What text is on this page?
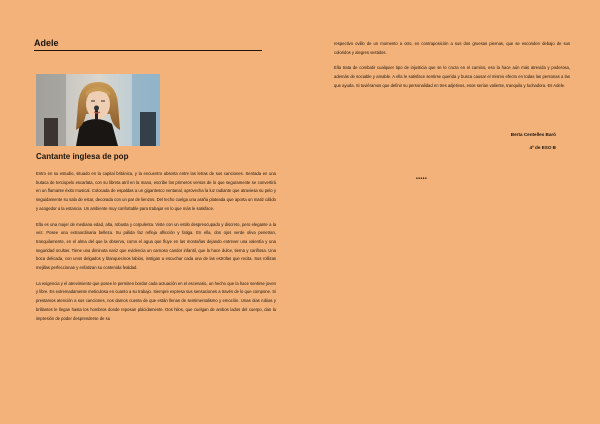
Adele
Cantante inglesa de pop

Entro en su estudio, situado en la capital británica, y la encuentro absorta entre las letras de sus canciones. Sentada en una butaca de terciopelo escarlata, con su libreta atril en la mano, escribe los primeros versos de lo que seguramente se convertirá en un flamante éxito musical. Colocada de espaldas a un gigantesco ventanal, aprovecha la luz radiante que atraviesa su pelo y seguidamente su sala de estar, decorada con un par de lienzos. Del techo cuelga una araña plateada que aporta un matiz cálido y acogedor a la estancia. Un ambiente muy confortable para trabajar en lo que más le satisface.

Ella es una mujer de mediana edad, alta, robusta y corpulenta. Viste con un estilo despreocupado y discreto, pero elegante a la vez. Posee una extraordinaria belleza. Su pálida faz refleja aflicción y fatiga. En ella, dos ojos verde oliva penetran, tranquilamente, en el alma del que la observa, como el agua que fluye en las montañas dejando entrever una valentía y una seguridad ocultas. Tiene una diminuta nariz que evidencia un carnoso candor infantil, que la hace dulce, tierna y cariñosa. Una boca delicada, con unos delgados y blanquecinos labios, instigan a escuchar cada una de las estrofas que recita. Sus rollizas mejillas perfeccionan y enfatizan su contenida fealdad.

La exigencia y el atrevimiento que posee le permiten bordar cada actuación en el escenario, un hecho que la hace sentirse joven y libre. Es extremadamente meticulosa en cuanto a su trabajo. Siempre expresa sus sensaciones a través de lo que compone. Si prestamos atención a sus canciones, nos damos cuenta de que están llenas de sentimentalismo y emoción. Unas olas rubias y brillantes le llegan hasta los hombros donde reposan plácidamente. Dos hilos, que cuelgan de ambos lados del cuerpo, dan la impresión de poder desprenderse de su

respectivo ovillo de un momento a otro, en contraposición a sus dos gruesas piernas, que se esconden debajo de sus coloridos y alegres vestidos.

Ella trata de combatir cualquier tipo de injusticia que se le cruza en el camino, eso la hace aún más atrevida y poderosa, además de sociable y amable. A ella le satisface sentirse querida y busca causar el mismo efecto en todas las personas a las que ayuda. Si tuviéramos que definir su personalidad en tres adjetivos, esos serían valiente, tranquila y luchadora. Es Adele.

Berta Centelles Baró
4º de ESO B
•••••
